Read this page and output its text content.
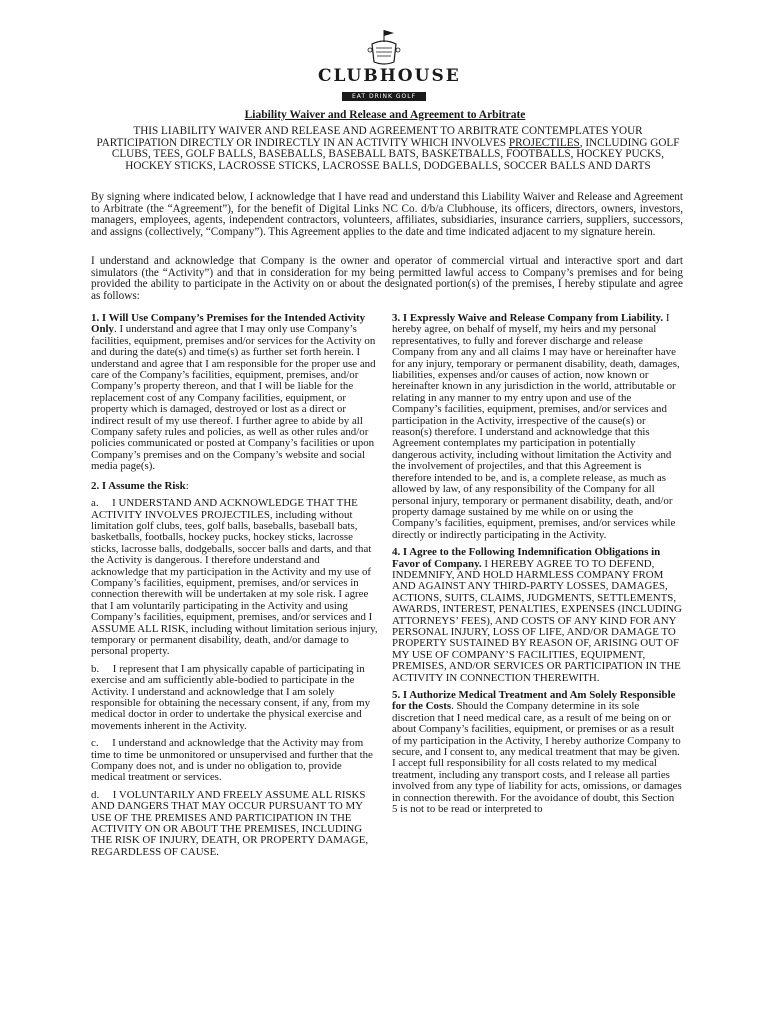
CLUBHOUSE
EAT DRINK GOLF
Liability Waiver and Release and Agreement to Arbitrate
THIS LIABILITY WAIVER AND RELEASE AND AGREEMENT TO ARBITRATE CONTEMPLATES YOUR PARTICIPATION DIRECTLY OR INDIRECTLY IN AN ACTIVITY WHICH INVOLVES PROJECTILES, INCLUDING GOLF CLUBS, TEES, GOLF BALLS, BASEBALLS, BASEBALL BATS, BASKETBALLS, FOOTBALLS, HOCKEY PUCKS, HOCKEY STICKS, LACROSSE STICKS, LACROSSE BALLS, DODGEBALLS, SOCCER BALLS AND DARTS
By signing where indicated below, I acknowledge that I have read and understand this Liability Waiver and Release and Agreement to Arbitrate (the “Agreement”), for the benefit of Digital Links NC Co. d/b/a Clubhouse, its officers, directors, owners, investors, managers, employees, agents, independent contractors, volunteers, affiliates, subsidiaries, insurance carriers, suppliers, successors, and assigns (collectively, “Company”). This Agreement applies to the date and time indicated adjacent to my signature herein.
I understand and acknowledge that Company is the owner and operator of commercial virtual and interactive sport and dart simulators (the “Activity”) and that in consideration for my being permitted lawful access to Company’s premises and for being provided the ability to participate in the Activity on or about the designated portion(s) of the premises, I hereby stipulate and agree as follows:

1. I Will Use Company’s Premises for the Intended Activity Only. I understand and agree that I may only use Company’s facilities, equipment, premises and/or services for the Activity on and during the date(s) and time(s) as further set forth herein. I understand and agree that I am responsible for the proper use and care of the Company’s facilities, equipment, premises, and/or Company’s property thereon, and that I will be liable for the replacement cost of any Company facilities, equipment, or property which is damaged, destroyed or lost as a direct or indirect result of my use thereof. I further agree to abide by all Company safety rules and policies, as well as other rules and/or policies communicated or posted at Company’s facilities or upon Company’s premises and on the Company’s website and social media page(s).

2. I Assume the Risk:

a.  I UNDERSTAND AND ACKNOWLEDGE THAT THE ACTIVITY INVOLVES PROJECTILES, including without limitation golf clubs, tees, golf balls, baseballs, baseball bats, basketballs, footballs, hockey pucks, hockey sticks, lacrosse sticks, lacrosse balls, dodgeballs, soccer balls and darts, and that the Activity is dangerous. I therefore understand and acknowledge that my participation in the Activity and my use of Company’s facilities, equipment, premises, and/or services in connection therewith will be undertaken at my sole risk. I agree that I am voluntarily participating in the Activity and using Company’s facilities, equipment, premises, and/or services and I ASSUME ALL RISK, including without limitation serious injury, temporary or permanent disability, death, and/or damage to personal property.

b.  I represent that I am physically capable of participating in exercise and am sufficiently able-bodied to participate in the Activity. I understand and acknowledge that I am solely responsible for obtaining the necessary consent, if any, from my medical doctor in order to undertake the physical exercise and movements inherent in the Activity.

c.  I understand and acknowledge that the Activity may from time to time be unmonitored or unsupervised and further that the Company does not, and is under no obligation to, provide medical treatment or services.

d.  I VOLUNTARILY AND FREELY ASSUME ALL RISKS AND DANGERS THAT MAY OCCUR PURSUANT TO MY USE OF THE PREMISES AND PARTICIPATION IN THE ACTIVITY ON OR ABOUT THE PREMISES, INCLUDING THE RISK OF INJURY, DEATH, OR PROPERTY DAMAGE, REGARDLESS OF CAUSE.

3. I Expressly Waive and Release Company from Liability. I hereby agree, on behalf of myself, my heirs and my personal representatives, to fully and forever discharge and release Company from any and all claims I may have or hereinafter have for any injury, temporary or permanent disability, death, damages, liabilities, expenses and/or causes of action, now known or hereinafter known in any jurisdiction in the world, attributable or relating in any manner to my entry upon and use of the Company’s facilities, equipment, premises, and/or services and participation in the Activity, irrespective of the cause(s) or reason(s) therefore. I understand and acknowledge that this Agreement contemplates my participation in potentially dangerous activity, including without limitation the Activity and the involvement of projectiles, and that this Agreement is therefore intended to be, and is, a complete release, as much as allowed by law, of any responsibility of the Company for all personal injury, temporary or permanent disability, death, and/or property damage sustained by me while on or using the Company’s facilities, equipment, premises, and/or services while directly or indirectly participating in the Activity.

4. I Agree to the Following Indemnification Obligations in Favor of Company. I HEREBY AGREE TO TO DEFEND, INDEMNIFY, AND HOLD HARMLESS COMPANY FROM AND AGAINST ANY THIRD-PARTY LOSSES, DAMAGES, ACTIONS, SUITS, CLAIMS, JUDGMENTS, SETTLEMENTS, AWARDS, INTEREST, PENALTIES, EXPENSES (INCLUDING ATTORNEYS’ FEES), AND COSTS OF ANY KIND FOR ANY PERSONAL INJURY, LOSS OF LIFE, AND/OR DAMAGE TO PROPERTY SUSTAINED BY REASON OF, ARISING OUT OF MY USE OF COMPANY’S FACILITIES, EQUIPMENT, PREMISES, AND/OR SERVICES OR PARTICIPATION IN THE ACTIVITY IN CONNECTION THEREWITH.

5. I Authorize Medical Treatment and Am Solely Responsible for the Costs. Should the Company determine in its sole discretion that I need medical care, as a result of me being on or about Company’s facilities, equipment, or premises or as a result of my participation in the Activity, I hereby authorize Company to secure, and I consent to, any medical treatment that may be given. I accept full responsibility for all costs related to my medical treatment, including any transport costs, and I release all parties involved from any type of liability for acts, omissions, or damages in connection therewith. For the avoidance of doubt, this Section 5 is not to be read or interpreted to
